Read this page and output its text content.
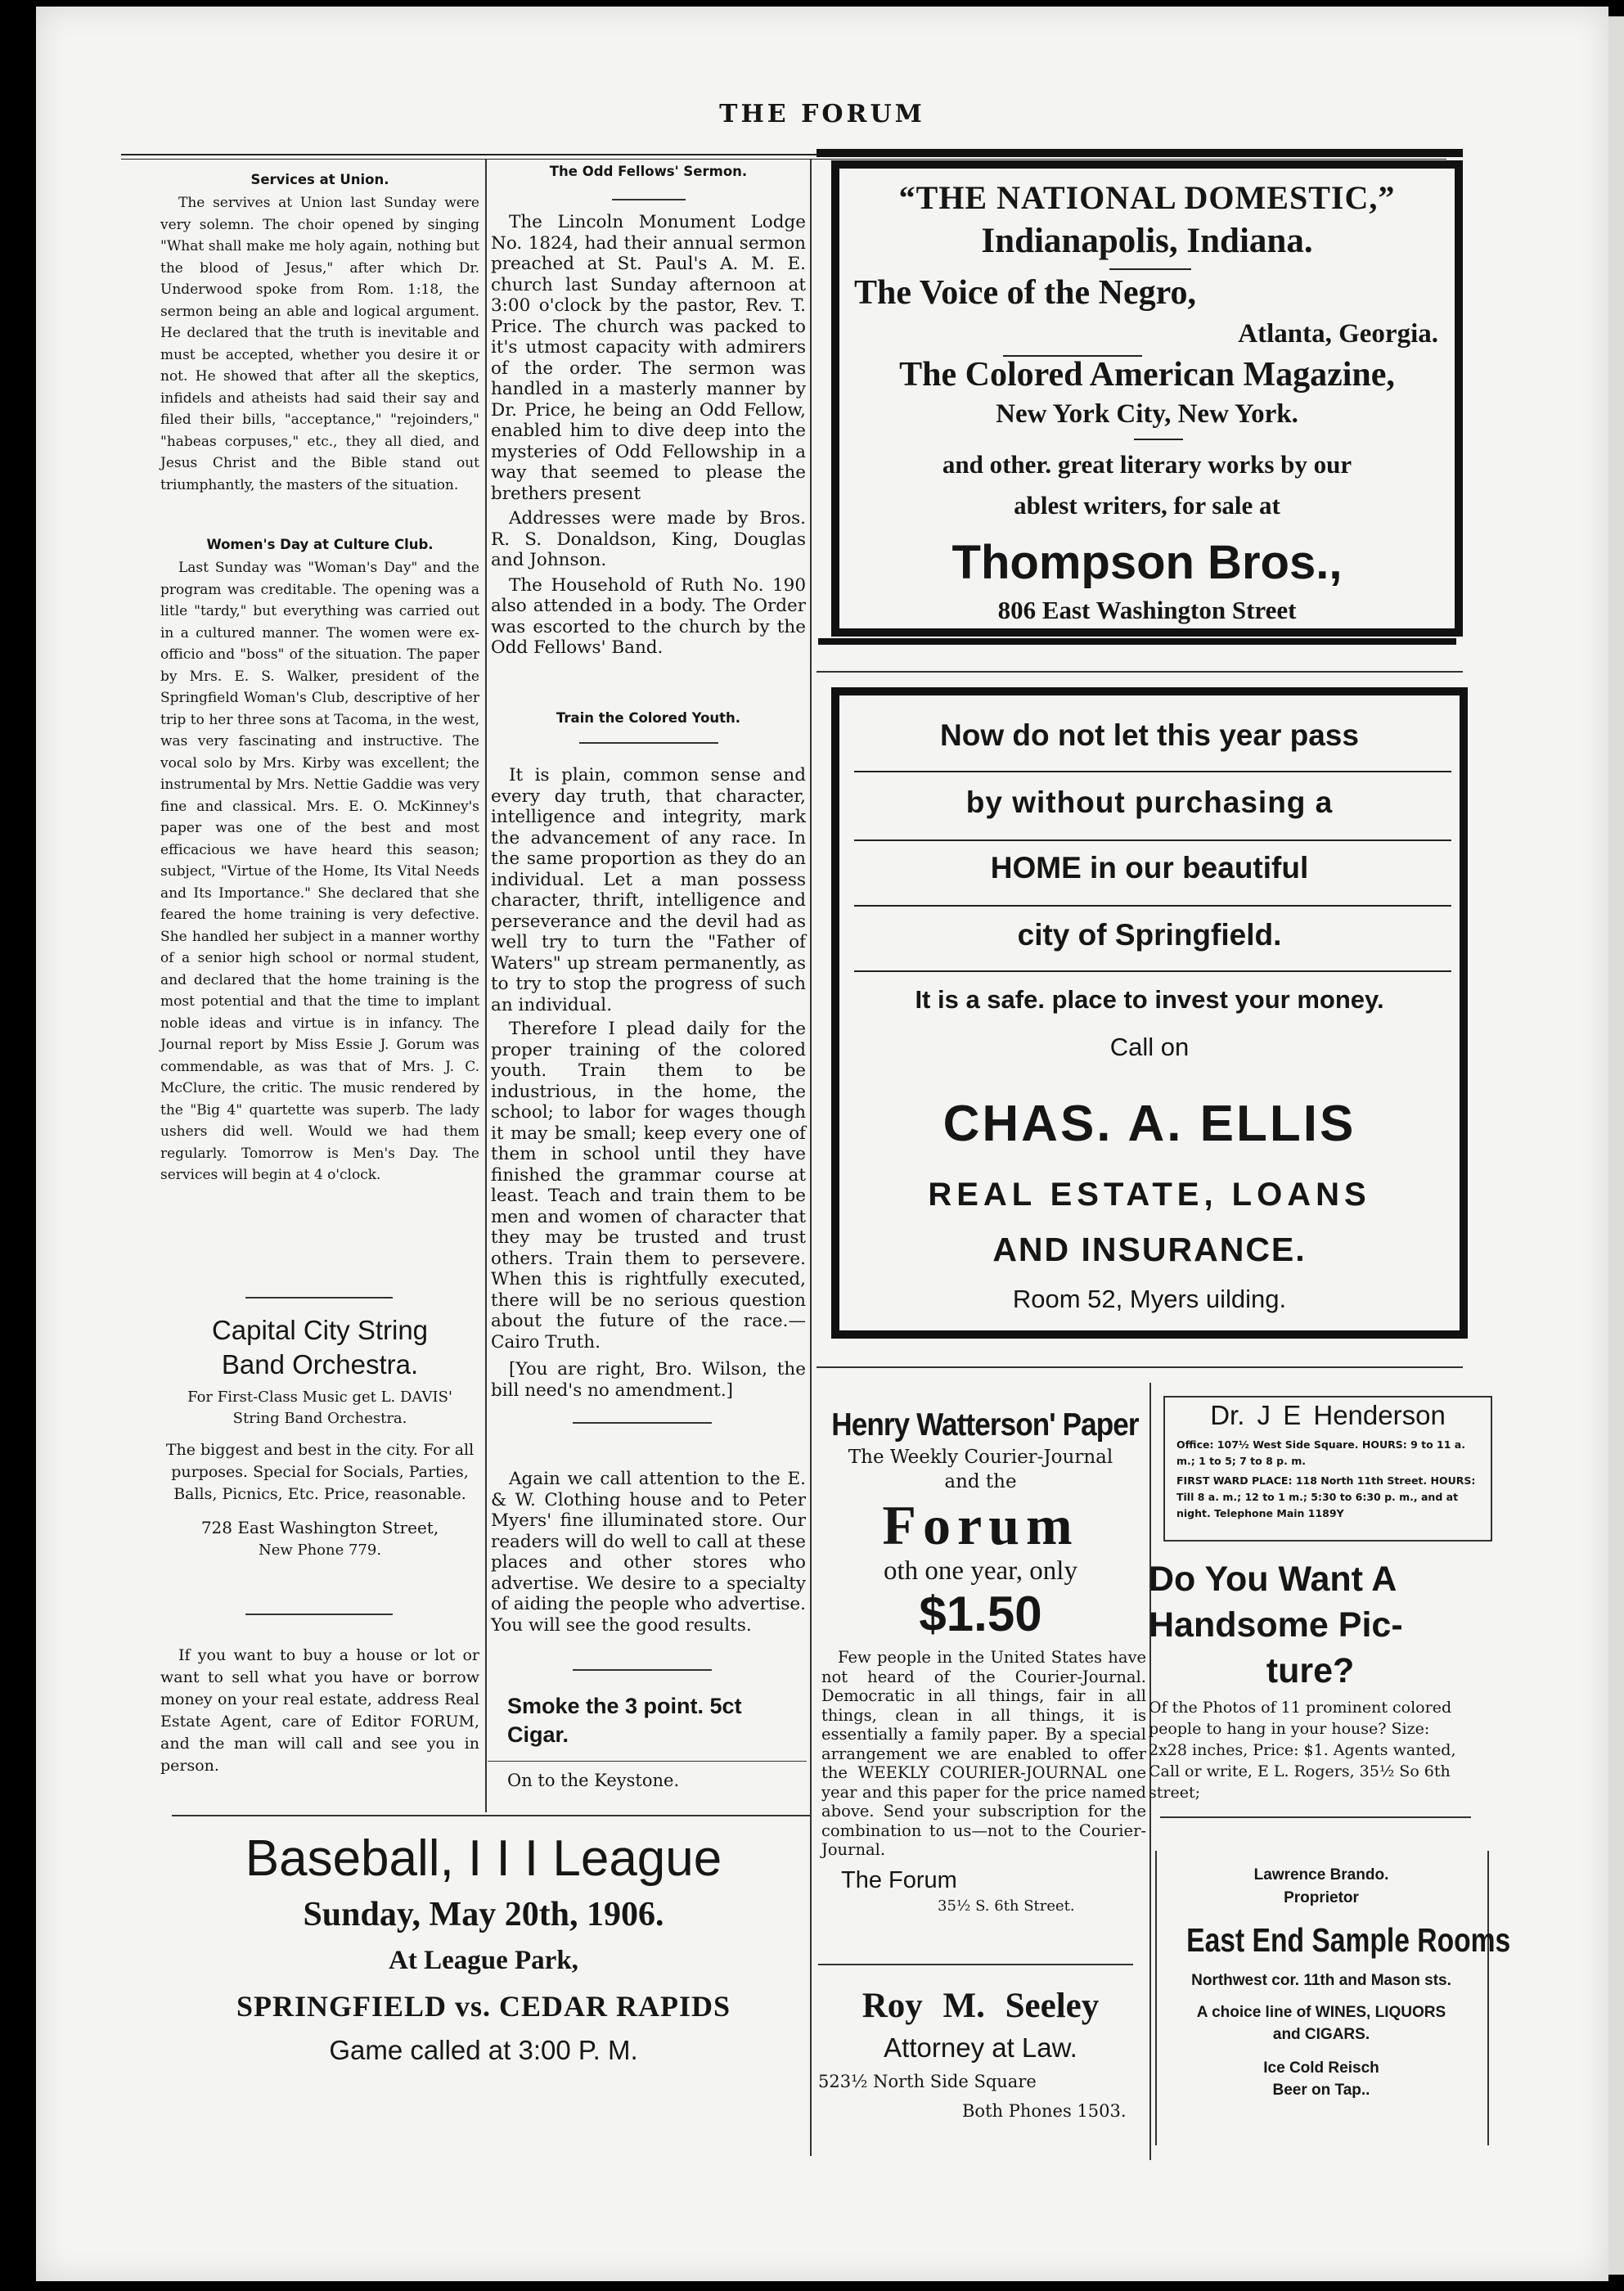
THE FORUM
Services at Union.

The servives at Union last Sunday were very solemn. The choir opened by singing "What shall make me holy again, nothing but the blood of Jesus," after which Dr. Underwood spoke from Rom. 1:18, the sermon being an able and logical argument. He declared that the truth is inevitable and must be accepted, whether you desire it or not. He showed that after all the skeptics, infidels and atheists had said their say and filed their bills, "acceptance," "rejoinders," "habeas corpuses," etc., they all died, and Jesus Christ and the Bible stand out triumphantly, the masters of the situation.

Women's Day at Culture Club.

Last Sunday was "Woman's Day" and the program was creditable. The opening was a litle "tardy," but everything was carried out in a cultured manner. The women were ex-officio and "boss" of the situation. The paper by Mrs. E. S. Walker, president of the Springfield Woman's Club, descriptive of her trip to her three sons at Tacoma, in the west, was very fascinating and instructive. The vocal solo by Mrs. Kirby was excellent; the instrumental by Mrs. Nettie Gaddie was very fine and classical. Mrs. E. O. McKinney's paper was one of the best and most efficacious we have heard this season; subject, "Virtue of the Home, Its Vital Needs and Its Importance." She declared that she feared the home training is very defective. She handled her subject in a manner worthy of a senior high school or normal student, and declared that the home training is the most potential and that the time to implant noble ideas and virtue is in infancy. The Journal report by Miss Essie J. Gorum was commendable, as was that of Mrs. J. C. McClure, the critic. The music rendered by the "Big 4" quartette was superb. The lady ushers did well. Would we had them regularly. Tomorrow is Men's Day. The services will begin at 4 o'clock.

Capital City String
Band Orchestra.
For First-Class Music get L. DAVIS' String Band Orchestra.
The biggest and best in the city. For all purposes. Special for Socials, Parties, Balls, Picnics, Etc. Price, reasonable.
728 East Washington Street,
New Phone 779.

If you want to buy a house or lot or want to sell what you have or borrow money on your real estate, address Real Estate Agent, care of Editor FORUM, and the man will call and see you in person.

The Odd Fellows' Sermon.

The Lincoln Monument Lodge No. 1824, had their annual sermon preached at St. Paul's A. M. E. church last Sunday afternoon at 3:00 o'clock by the pastor, Rev. T. Price. The church was packed to it's utmost capacity with admirers of the order. The sermon was handled in a masterly manner by Dr. Price, he being an Odd Fellow, enabled him to dive deep into the mysteries of Odd Fellowship in a way that seemed to please the brethers present

Addresses were made by Bros. R. S. Donaldson, King, Douglas and Johnson.

The Household of Ruth No. 190 also attended in a body. The Order was escorted to the church by the Odd Fellows' Band.

Train the Colored Youth.

It is plain, common sense and every day truth, that character, intelligence and integrity, mark the advancement of any race. In the same proportion as they do an individual. Let a man possess character, thrift, intelligence and perseverance and the devil had as well try to turn the "Father of Waters" up stream permanently, as to try to stop the progress of such an individual.

Therefore I plead daily for the proper training of the colored youth. Train them to be industrious, in the home, the school; to labor for wages though it may be small; keep every one of them in school until they have finished the grammar course at least. Teach and train them to be men and women of character that they may be trusted and trust others. Train them to persevere. When this is rightfully executed, there will be no serious question about the future of the race.—Cairo Truth.

[You are right, Bro. Wilson, the bill need's no amendment.]

Again we call attention to the E. & W. Clothing house and to Peter Myers' fine illuminated store. Our readers will do well to call at these places and other stores who advertise. We desire to a specialty of aiding the people who advertise. You will see the good results.

Smoke the 3 point. 5ct Cigar.
On to the Keystone.
Baseball, I I I League
Sunday, May 20th, 1906.
At League Park,
SPRINGFIELD vs. CEDAR RAPIDS
Game called at 3:00 P. M.
“THE NATIONAL DOMESTIC,”
Indianapolis, Indiana.
The Voice of the Negro,
Atlanta, Georgia.
The Colored American Magazine,
New York City, New York.
and other. great literary works by our
ablest writers, for sale at
Thompson Bros.,
806 East Washington Street
Now do not let this year pass
by without purchasing a
HOME in our beautiful
city of Springfield.
It is a safe. place to invest your money.
Call on
CHAS. A. ELLIS
REAL ESTATE, LOANS
AND INSURANCE.
Room 52, Myers uilding.
Henry Watterson' Paper
The Weekly Courier-Journal
and the
Forum
oth one year, only
$1.50

Few people in the United States have not heard of the Courier-Journal. Democratic in all things, fair in all things, clean in all things, it is essentially a family paper. By a special arrangement we are enabled to offer the WEEKLY COURIER-JOURNAL one year and this paper for the price named above. Send your subscription for the combination to us—not to the Courier-Journal.

The Forum
35½ S. 6th Street.
Roy M. Seeley
Attorney at Law.
523½ North Side Square
Both Phones 1503.
Dr. J E Henderson
Office: 107½ West Side Square. HOURS: 9 to 11 a. m.; 1 to 5; 7 to 8 p. m.
FIRST WARD PLACE: 118 North 11th Street. HOURS: Till 8 a. m.; 12 to 1 m.; 5:30 to 6:30 p. m., and at night. Telephone Main 1189Y
Do You Want A
Handsome Pic-
ture?

Of the Photos of 11 prominent colored people to hang in your house? Size: 2x28 inches, Price: $1. Agents wanted, Call or write, E L. Rogers, 35½ So 6th street;

Lawrence Brando.
Proprietor
East End Sample Rooms
Northwest cor. 11th and Mason sts.
A choice line of WINES, LIQUORS
and CIGARS.
Ice Cold Reisch
Beer on Tap..
